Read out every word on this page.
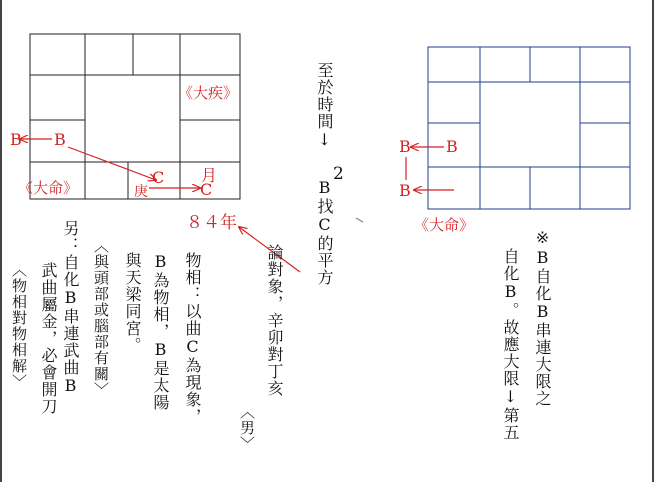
《大疾》
B B
《大命》	庚
C 月
C
８４年
至於時間↓
2
B找C的平方
論對象，辛卯對丁亥
︿男﹀
B B
B
《大命》
※B自化B串連大限之
自化B。故應大限↓第五
物相：以曲C為現象，
B為物相，B是太陽
與天梁同宮。
︿與頭部或腦部有關﹀
另：自化B串連武曲B
武曲屬金，必會開刀
︿物相對物相解﹀
